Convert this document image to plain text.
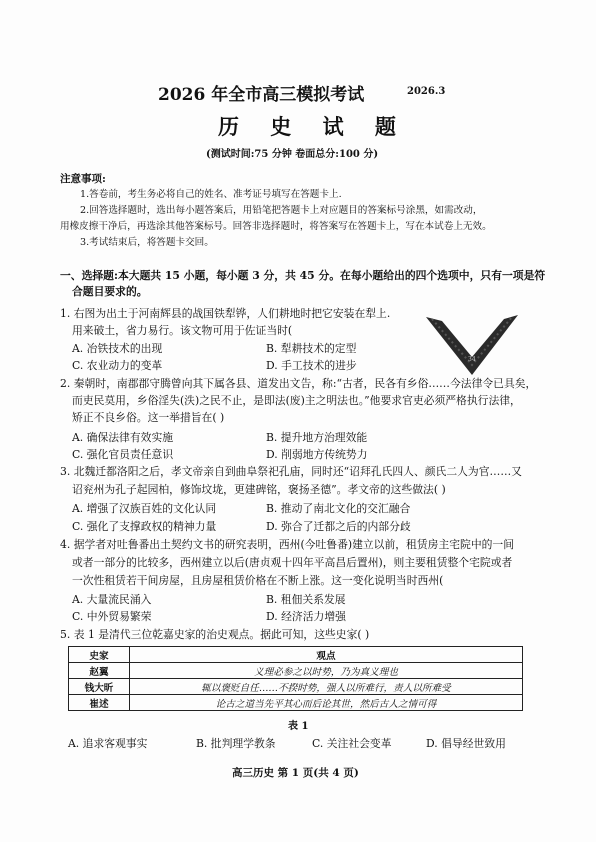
2026 年全市高三模拟考试	2026.3
历 史 试 题
(测试时间:75 分钟 卷面总分:100 分)
注意事项:
1.答卷前，考生务必将自己的姓名、准考证号填写在答题卡上.
2.回答选择题时，选出每小题答案后，用铅笔把答题卡上对应题目的答案标号涂黑，如需改动，
用橡皮擦干净后，再选涂其他答案标号。回答非选择题时，将答案写在答题卡上，写在本试卷上无效。
3.考试结束后，将答题卡交回。
一、选择题:本大题共 15 小题，每小题 3 分，共 45 分。在每小题给出的四个选项中，只有一项是符
合题目要求的。
1. 右图为出土于河南辉县的战国铁犁铧，人们耕地时把它安装在犁上.
用来破土，省力易行。该文物可用于佐证当时(
A. 冶铁技术的出现	B. 犁耕技术的定型
C. 农业动力的变革	D. 手工技术的进步	34
2. 秦朝时，南郡郡守腾曾向其下属各县、道发出文告，称:“古者，民各有乡俗……今法律令已具矣，
而吏民莫用，乡俗淫失(泆)之民不止，是即法(废)主之明法也。”他要求官吏必须严格执行法律，
矫正不良乡俗。这一举措旨在( )
A. 确保法律有效实施	B. 提升地方治理效能
C. 强化官员责任意识	D. 削弱地方传统势力
3. 北魏迁都洛阳之后，孝文帝亲自到曲阜祭祀孔庙，同时还“诏拜孔氏四人、颜氏二人为官……又
诏兖州为孔子起园柏，修饰坟垅，更建碑铭，褒扬圣德”。孝文帝的这些做法( )
A. 增强了汉族百姓的文化认同	B. 推动了南北文化的交汇融合
C. 强化了支撑政权的精神力量	D. 弥合了迁都之后的内部分歧
4. 据学者对吐鲁番出土契约文书的研究表明，西州(今吐鲁番)建立以前，租赁房主宅院中的一间
或者一部分的比较多，西州建立以后(唐贞观十四年平高昌后置州)，则主要租赁整个宅院或者
一次性租赁若干间房屋，且房屋租赁价格在不断上涨。这一变化说明当时西州(
A. 大量流民涌入	B. 租佃关系发展
C. 中外贸易繁荣	D. 经济活力增强
5. 表 1 是清代三位乾嘉史家的治史观点。据此可知，这些史家( )
史家	观点
赵翼	义理必参之以时势，乃为真义理也
钱大昕	辄以褒贬自任……不揆时势，强人以所难行，责人以所难受
崔述	论古之道当先平其心而后论其世，然后古人之情可得
表 1
A. 追求客观事实	B. 批判理学教条	C. 关注社会变革	D. 倡导经世致用
高三历史 第 1 页(共 4 页)
